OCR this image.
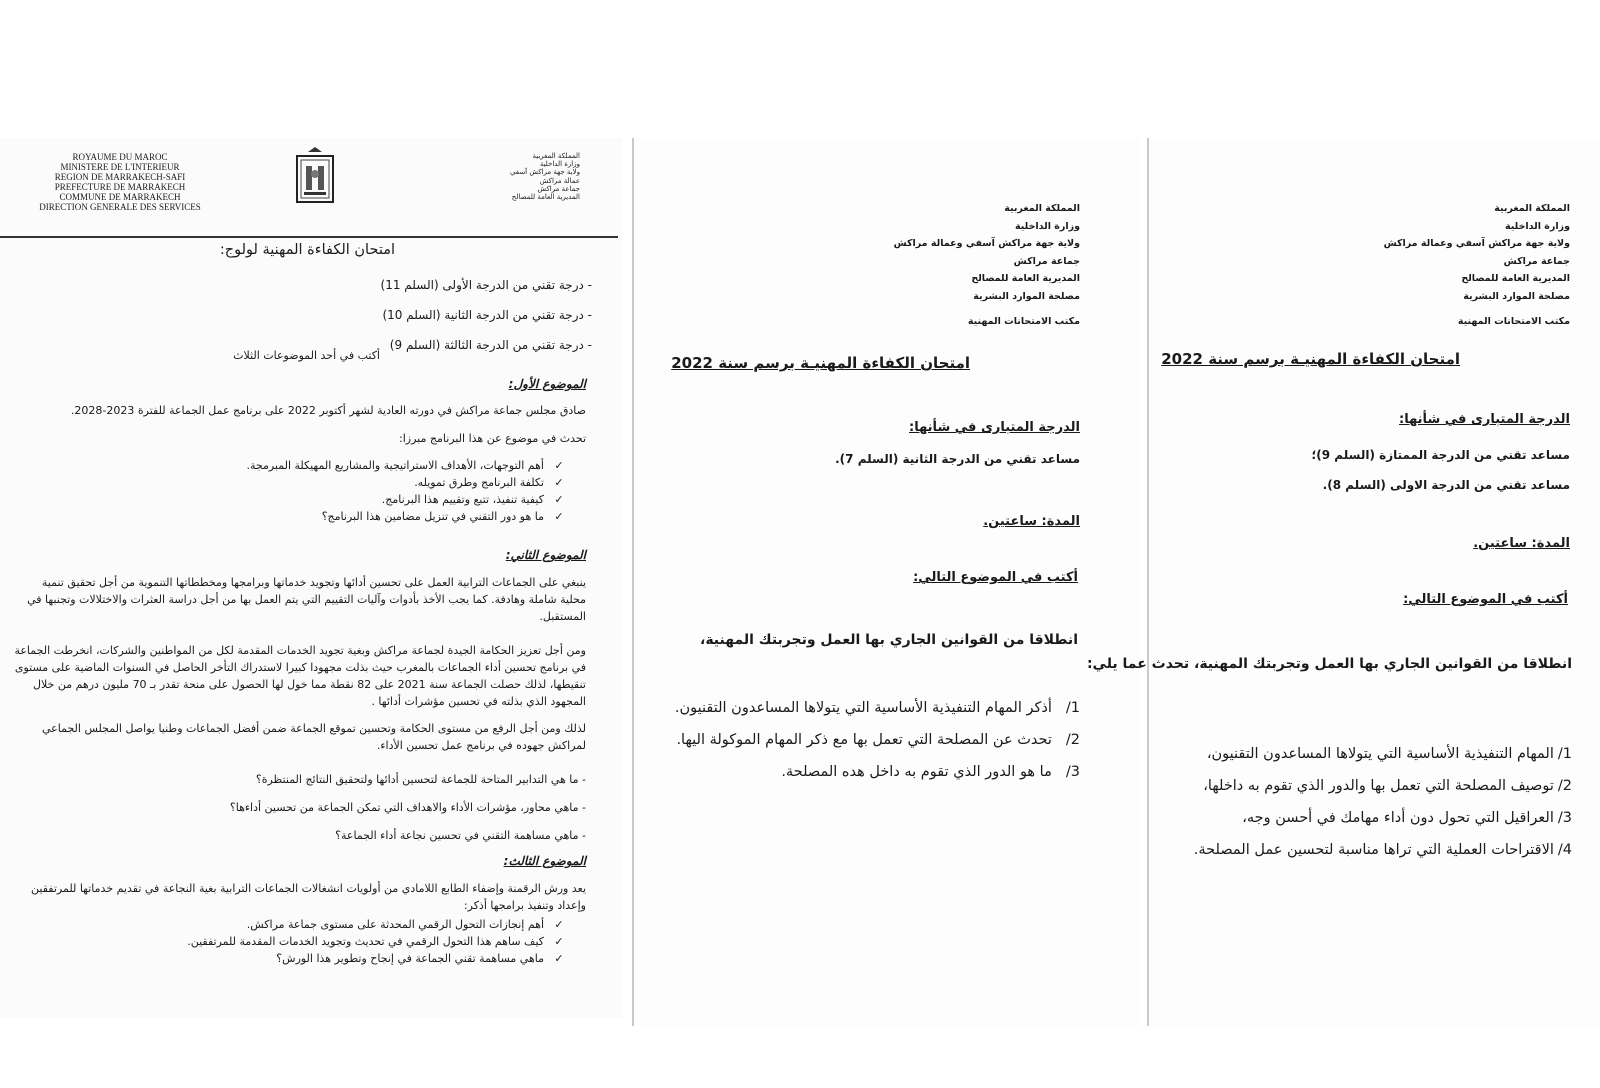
ROYAUME DU MAROC
MINISTERE DE L'INTERIEUR
REGION DE MARRAKECH-SAFI
PREFECTURE DE MARRAKECH
COMMUNE DE MARRAKECH
DIRECTION GENERALE DES SERVICES
المملكة المغربية
وزارة الداخلية
ولاية جهة مراكش آسفي
عمالة مراكش
جماعة مراكش
المديرية العامة للمصالح
امتحان الكفاءة المهنية لولوج:
- درجة تقني من الدرجة الأولى (السلم 11)
- درجة تقني من الدرجة الثانية (السلم 10)
- درجة تقني من الدرجة الثالثة (السلم 9)
أكتب في أحد الموضوعات الثلاث
الموضوع الأول:
صادق مجلس جماعة مراكش في دورته العادية لشهر أكتوبر 2022 على برنامج عمل الجماعة للفترة 2023-2028.
تحدث في موضوع عن هذا البرنامج مبرزا:
✓أهم التوجهات، الأهداف الاستراتيجية والمشاريع المهيكلة المبرمجة.
✓تكلفة البرنامج وطرق تمويله.
✓كيفية تنفيذ، تتبع وتقييم هذا البرنامج.
✓ما هو دور التقني في تنزيل مضامين هذا البرنامج؟
الموضوع الثاني:
ينبغي على الجماعات الترابية العمل على تحسين أدائها وتجويد خدماتها وبرامجها ومخططاتها التنموية من أجل تحقيق تنمية محلية شاملة وهادفة. كما يجب الأخذ بأدوات وآليات التقييم التي يتم العمل بها من أجل دراسة العثرات والاختلالات وتجنبها في المستقبل.
ومن أجل تعزيز الحكامة الجيدة لجماعة مراكش وبغية تجويد الخدمات المقدمة لكل من المواطنين والشركات، انخرطت الجماعة في برنامج تحسين أداء الجماعات بالمغرب حيث بذلت مجهودا كبيرا لاستدراك التأخر الحاصل في السنوات الماضية على مستوى تنقيطها، لذلك حصلت الجماعة سنة 2021 على 82 نقطة مما خول لها الحصول على منحة تقدر بـ 70 مليون درهم من خلال المجهود الذي بذلته في تحسين مؤشرات أدائها .
لذلك ومن أجل الرفع من مستوى الحكامة وتحسين تموقع الجماعة ضمن أفضل الجماعات وطنيا يواصل المجلس الجماعي لمراكش جهوده في برنامج عمل تحسين الأداء.
- ما هي التدابير المتاحة للجماعة لتحسين أدائها ولتحقيق النتائج المنتظرة؟
- ماهي محاور، مؤشرات الأداء والاهداف التي تمكن الجماعة من تحسين أداءها؟
- ماهي مساهمة التقني في تحسين نجاعة أداء الجماعة؟
الموضوع الثالث:
يعد ورش الرقمنة وإضفاء الطابع اللامادي من أولويات انشغالات الجماعات الترابية بغية النجاعة في تقديم خدماتها للمرتفقين وإعداد وتنفيذ برامجها أذكر:
✓أهم إنجازات التحول الرقمي المحدثة على مستوى جماعة مراكش.
✓كيف ساهم هذا التحول الرقمي في تحديث وتجويد الخدمات المقدمة للمرتفقين.
✓ماهي مساهمة تقني الجماعة في إنجاح وتطوير هذا الورش؟
المملكة المغربية
وزارة الداخلية
ولاية جهة مراكش آسفي وعمالة مراكش
جماعة مراكش
المديرية العامة للمصالح
مصلحة الموارد البشرية
مكتب الامتحانات المهنية
امتحان الكفاءة المهنيـة برسم سنة 2022
الدرجة المتبارى في شأنها:
مساعد تقني من الدرجة الثانية (السلم 7).
المدة: ساعتين.
أكتب في الموضوع التالي:
انطلاقا من القوانين الجاري بها العمل وتجربتك المهنية،
1/أذكر المهام التنفيذية الأساسية التي يتولاها المساعدون التقنيون.
2/تحدث عن المصلحة التي تعمل بها مع ذكر المهام الموكولة اليها.
3/ما هو الدور الذي تقوم به داخل هده المصلحة.
المملكة المغربية
وزارة الداخلية
ولاية جهة مراكش آسفي وعمالة مراكش
جماعة مراكش
المديرية العامة للمصالح
مصلحة الموارد البشرية
مكتب الامتحانات المهنية
امتحان الكفاءة المهنيـة برسم سنة 2022
الدرجة المتبارى في شأنها:
مساعد تقني من الدرجة الممتازة (السلم 9)؛
مساعد تقني من الدرجة الاولى (السلم 8).
المدة: ساعتين.
أكتب في الموضوع التالي:
انطلاقا من القوانين الجاري بها العمل وتجربتك المهنية، تحدث عما يلي:
1/المهام التنفيذية الأساسية التي يتولاها المساعدون التقنيون،
2/توصيف المصلحة التي تعمل بها والدور الذي تقوم به داخلها،
3/العراقيل التي تحول دون أداء مهامك في أحسن وجه،
4/الاقتراحات العملية التي تراها مناسبة لتحسين عمل المصلحة.
